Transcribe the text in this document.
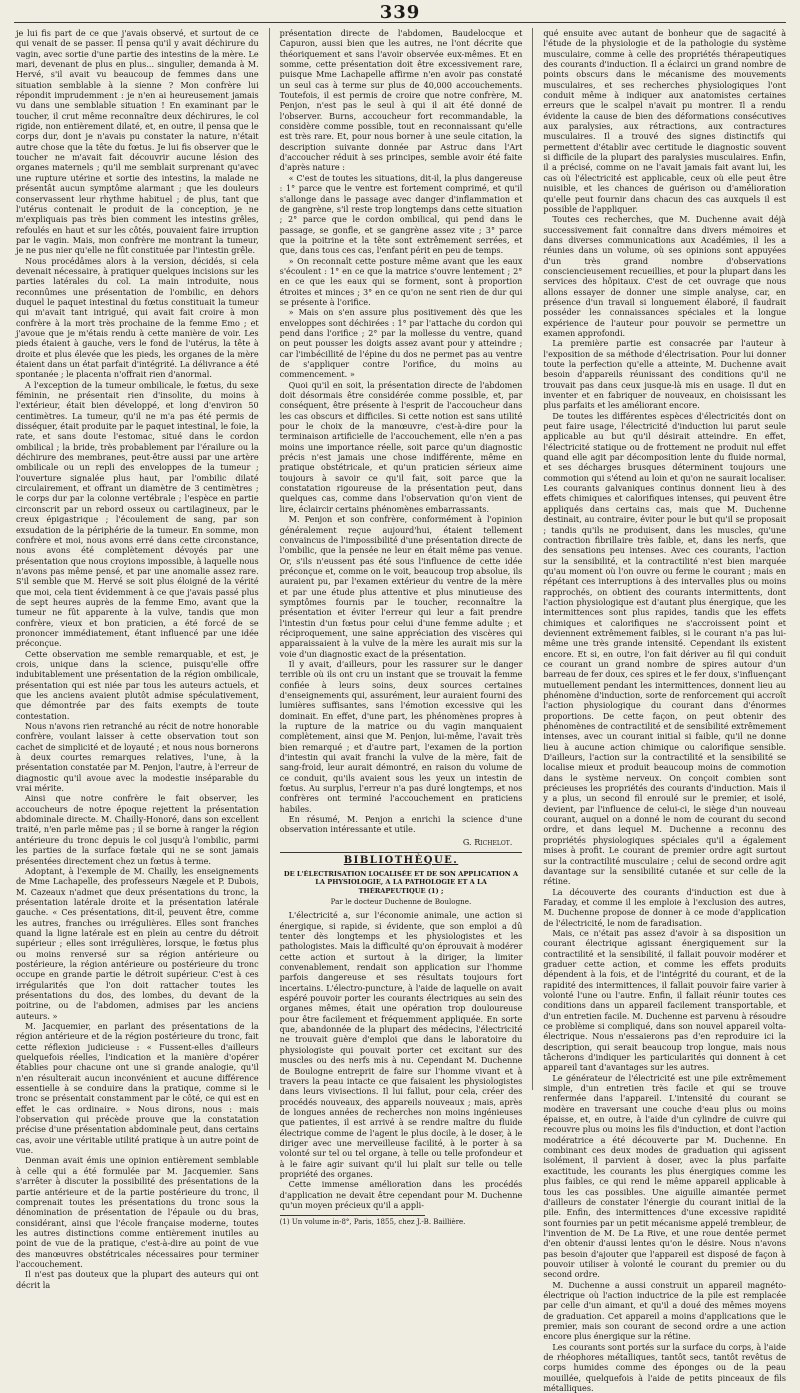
339

je lui fis part de ce que j'avais observé, et surtout de ce qui venait de se passer. Il pensa qu'il y avait déchirure du vagin, avec sortie d'une partie des intestins de la mère. Le mari, devenant de plus en plus... singulier, demanda à M. Hervé, s'il avait vu beaucoup de femmes dans une situation semblable à la sienne ? Mon confrère lui répondit imprudemment : je n'en ai heureusement jamais vu dans une semblable situation ! En examinant par le toucher, il crut même reconnaître deux déchirures, le col rigide, non entièrement dilaté, et, en outre, il pensa que le corps dur, dont je n'avais pu constater la nature, n'était autre chose que la tête du fœtus. Je lui fis observer que le toucher ne m'avait fait découvrir aucune lésion des organes maternels ; qu'il me semblait surprenant qu'avec une rupture utérine et sortie des intestins, la malade ne présentât aucun symptôme alarmant ; que les douleurs conservassent leur rhythme habituel ; de plus, tant que l'utérus contenait le produit de la conception, je ne m'expliquais pas très bien comment les intestins grêles, refoulés en haut et sur les côtés, pouvaient faire irruption par le vagin. Mais, mon confrère me montrant la tumeur, je ne pus nier qu'elle ne fût constituée par l'intestin grêle.

Nous procédâmes alors à la version, décidés, si cela devenait nécessaire, à pratiquer quelques incisions sur les parties latérales du col. La main introduite, nous reconnûmes une présentation de l'ombilic, en dehors duquel le paquet intestinal du fœtus constituait la tumeur qui m'avait tant intrigué, qui avait fait croire à mon confrère à la mort très prochaine de la femme Emo ; et j'avoue que je m'étais rendu à cette manière de voir. Les pieds étaient à gauche, vers le fond de l'utérus, la tête à droite et plus élevée que les pieds, les organes de la mère étaient dans un état parfait d'intégrité. La délivrance a été spontanée ; le placenta n'offrait rien d'anormal.

A l'exception de la tumeur ombilicale, le fœtus, du sexe féminin, ne présentait rien d'insolite, du moins à l'extérieur, était bien développé, et long d'environ 50 centimètres. La tumeur, qu'il ne m'a pas été permis de disséquer, était produite par le paquet intestinal, le foie, la rate, et sans doute l'estomac, situé dans le cordon ombilical ; la bride, très probablement par l'érailure ou la déchirure des membranes, peut-être aussi par une artère ombilicale ou un repli des enveloppes de la tumeur ; l'ouverture signalée plus haut, par l'ombilic dilaté circulairement, et offrant un diamètre de 3 centimètres ; le corps dur par la colonne vertébrale ; l'espèce en partie circonscrit par un rebord osseux ou cartilagineux, par le creux épigastrique ; l'écoulement de sang, par son exsudation de la périphérie de la tumeur. En somme, mon confrère et moi, nous avons erré dans cette circonstance, nous avons été complètement dévoyés par une présentation que nous croyions impossible, à laquelle nous n'avons pas même pensé, et par une anomalie assez rare. S'il semble que M. Hervé se soit plus éloigné de la vérité que moi, cela tient évidemment à ce que j'avais passé plus de sept heures auprès de la femme Emo, avant que la tumeur ne fût apparente à la vulve, tandis que mon confrère, vieux et bon praticien, a été forcé de se prononcer immédiatement, étant influencé par une idée préconçue.

Cette observation me semble remarquable, et est, je crois, unique dans la science, puisqu'elle offre indubitablement une présentation de la région ombilicale, présentation qui est niée par tous les auteurs actuels, et que les anciens avaient plutôt admise spéculativement, que démontrée par des faits exempts de toute contestation.

Nous n'avons rien retranché au récit de notre honorable confrère, voulant laisser à cette observation tout son cachet de simplicité et de loyauté ; et nous nous bornerons à deux courtes remarques relatives, l'une, à la présentation constatée par M. Penjon, l'autre, à l'erreur de diagnostic qu'il avoue avec la modestie inséparable du vrai mérite.

Ainsi que notre confrère le fait observer, les accoucheurs de notre époque rejettent la présentation abdominale directe. M. Chailly-Honoré, dans son excellent traité, n'en parle même pas ; il se borne à ranger la région antérieure du tronc depuis le col jusqu'à l'ombilic, parmi les parties de la surface fœtale qui ne se sont jamais présentées directement chez un fœtus à terme.

Adoptant, à l'exemple de M. Chailly, les enseignements de Mme Lachapelle, des professeurs Nægele et P. Dubois, M. Cazeaux n'admet que deux présentations du tronc, la présentation latérale droite et la présentation latérale gauche. « Ces présentations, dit-il, peuvent être, comme les autres, franches ou irrégulières. Elles sont franches quand la ligne latérale est en plein au centre du détroit supérieur ; elles sont irrégulières, lorsque, le fœtus plus ou moins renversé sur sa région antérieure ou postérieure, la région antérieure ou postérieure du tronc occupe en grande partie le détroit supérieur. C'est à ces irrégularités que l'on doit rattacher toutes les présentations du dos, des lombes, du devant de la poitrine, ou de l'abdomen, admises par les anciens auteurs. »

M. Jacquemier, en parlant des présentations de la région antérieure et de la région postérieure du tronc, fait cette réflexion judicieuse : « Fussent-elles d'ailleurs quelquefois réelles, l'indication et la manière d'opérer établies pour chacune ont une si grande analogie, qu'il n'en résulterait aucun inconvénient et aucune différence essentielle à se conduire dans la pratique, comme si le tronc se présentait constamment par le côté, ce qui est en effet le cas ordinaire. » Nous dirons, nous : mais l'observation qui précède prouve que la constatation précise d'une présentation abdominale peut, dans certains cas, avoir une véritable utilité pratique à un autre point de vue.

Denman avait émis une opinion entièrement semblable à celle qui a été formulée par M. Jacquemier. Sans s'arrêter à discuter la possibilité des présentations de la partie antérieure et de la partie postérieure du tronc, il comprenait toutes les présentations du tronc sous la dénomination de présentation de l'épaule ou du bras, considérant, ainsi que l'école française moderne, toutes les autres distinctions comme entièrement inutiles au point de vue de la pratique, c'est-à-dire au point de vue des manœuvres obstétricales nécessaires pour terminer l'accouchement.

Il n'est pas douteux que la plupart des auteurs qui ont décrit la

présentation directe de l'abdomen, Baudelocque et Capuron, aussi bien que les autres, ne l'ont décrite que théoriquement et sans l'avoir observée eux-mêmes. Et en somme, cette présentation doit être excessivement rare, puisque Mme Lachapelle affirme n'en avoir pas constaté un seul cas à terme sur plus de 40,000 accouchements. Toutefois, il est permis de croire que notre confrère, M. Penjon, n'est pas le seul à qui il ait été donné de l'observer. Burns, accoucheur fort recommandable, la considère comme possible, tout en reconnaissant qu'elle est très rare. Et, pour nous borner à une seule citation, la description suivante donnée par Astruc dans l'Art d'accoucher réduit à ses principes, semble avoir été faite d'après nature :

« C'est de toutes les situations, dit-il, la plus dangereuse : 1° parce que le ventre est fortement comprimé, et qu'il s'allonge dans le passage avec danger d'inflammation et de gangrène, s'il reste trop longtemps dans cette situation ; 2° parce que le cordon ombilical, qui pend dans le passage, se gonfle, et se gangrène assez vite ; 3° parce que la poitrine et la tête sont extrêmement serrées, et que, dans tous ces cas, l'enfant périt en peu de temps.

» On reconnaît cette posture même avant que les eaux s'écoulent : 1° en ce que la matrice s'ouvre lentement ; 2° en ce que les eaux qui se forment, sont à proportion étroites et minces ; 3° en ce qu'on ne sent rien de dur qui se présente à l'orifice.

» Mais on s'en assure plus positivement dès que les enveloppes sont déchirées : 1° par l'attache du cordon qui pend dans l'orifice ; 2° par la mollesse du ventre, quand on peut pousser les doigts assez avant pour y atteindre ; car l'imbécillité de l'épine du dos ne permet pas au ventre de s'appliquer contre l'orifice, du moins au commencement. »

Quoi qu'il en soit, la présentation directe de l'abdomen doit désormais être considérée comme possible, et, par conséquent, être présente à l'esprit de l'accoucheur dans les cas obscurs et difficiles. Si cette notion est sans utilité pour le choix de la manœuvre, c'est-à-dire pour la terminaison artificielle de l'accouchement, elle n'en a pas moins une importance réelle, soit parce qu'un diagnostic précis n'est jamais une chose indifférente, même en pratique obstétricale, et qu'un praticien sérieux aime toujours à savoir ce qu'il fait, soit parce que la constatation rigoureuse de la présentation peut, dans quelques cas, comme dans l'observation qu'on vient de lire, éclaircir certains phénomènes embarrassants.

M. Penjon et son confrère, conformément à l'opinion généralement reçue aujourd'hui, étaient tellement convaincus de l'impossibilité d'une présentation directe de l'ombilic, que la pensée ne leur en était même pas venue. Or, s'ils n'eussent pas été sous l'influence de cette idée préconçue et, comme on le voit, beaucoup trop absolue, ils auraient pu, par l'examen extérieur du ventre de la mère et par une étude plus attentive et plus minutieuse des symptômes fournis par le toucher, reconnaître la présentation et éviter l'erreur qui leur a fait prendre l'intestin d'un fœtus pour celui d'une femme adulte ; et réciproquement, une saine appréciation des viscères qui apparaissaient à la vulve de la mère les aurait mis sur la voie d'un diagnostic exact de la présentation.

Il y avait, d'ailleurs, pour les rassurer sur le danger terrible où ils ont cru un instant que se trouvait la femme confiée à leurs soins, deux sources certaines d'enseignements qui, assurément, leur auraient fourni des lumières suffisantes, sans l'émotion excessive qui les dominait. En effet, d'une part, les phénomènes propres à la rupture de la matrice ou du vagin manquaient complètement, ainsi que M. Penjon, lui-même, l'avait très bien remarqué ; et d'autre part, l'examen de la portion d'intestin qui avait franchi la vulve de la mère, fait de sang-froid, leur aurait démontré, en raison du volume de ce conduit, qu'ils avaient sous les yeux un intestin de fœtus. Au surplus, l'erreur n'a pas duré longtemps, et nos confrères ont terminé l'accouchement en praticiens habiles.

En résumé, M. Penjon a enrichi la science d'une observation intéressante et utile.

G. Richelot.
BIBLIOTHÈQUE.
DE L'ÉLECTRISATION LOCALISÉE ET DE SON APPLICATION A LA PHYSIOLOGIE, A LA PATHOLOGIE ET A LA THÉRAPEUTIQUE (1) ;
Par le docteur Duchenne de Boulogne.

L'électricité a, sur l'économie animale, une action si énergique, si rapide, si évidente, que son emploi a dû tenter dès longtemps et les physiologistes et les pathologistes. Mais la difficulté qu'on éprouvait à modérer cette action et surtout à la diriger, la limiter convenablement, rendait son application sur l'homme parfois dangereuse et ses résultats toujours fort incertains. L'électro-puncture, à l'aide de laquelle on avait espéré pouvoir porter les courants électriques au sein des organes mêmes, était une opération trop douloureuse pour être facilement et fréquemment appliquée. En sorte que, abandonnée de la plupart des médecins, l'électricité ne trouvait guère d'emploi que dans le laboratoire du physiologiste qui pouvait porter cet excitant sur des muscles ou des nerfs mis à nu. Cependant M. Duchenne de Boulogne entreprit de faire sur l'homme vivant et à travers la peau intacte ce que faisaient les physiologistes dans leurs vivisections. Il lui fallut, pour cela, créer des procédés nouveaux, des appareils nouveaux ; mais, après de longues années de recherches non moins ingénieuses que patientes, il est arrivé à se rendre maître du fluide électrique comme de l'agent le plus docile, à le doser, à le diriger avec une merveilleuse facilité, à le porter à sa volonté sur tel ou tel organe, à telle ou telle profondeur et à le faire agir suivant qu'il lui plaît sur telle ou telle propriété des organes.

Cette immense amélioration dans les procédés d'application ne devait être cependant pour M. Duchenne qu'un moyen précieux qu'il a appli-

(1) Un volume in-8°, Paris, 1855, chez J.-B. Baillière.

qué ensuite avec autant de bonheur que de sagacité à l'étude de la physiologie et de la pathologie du système musculaire, comme à celle des propriétés thérapeutiques des courants d'induction. Il a éclairci un grand nombre de points obscurs dans le mécanisme des mouvements musculaires, et ses recherches physiologiques l'ont conduit même à indiquer aux anatomistes certaines erreurs que le scalpel n'avait pu montrer. Il a rendu évidente la cause de bien des déformations consécutives aux paralysies, aux rétractions, aux contractures musculaires. Il a trouvé des signes distinctifs qui permettent d'établir avec certitude le diagnostic souvent si difficile de la plupart des paralysies musculaires. Enfin, il a précisé, comme on ne l'avait jamais fait avant lui, les cas où l'électricité est applicable, ceux où elle peut être nuisible, et les chances de guérison ou d'amélioration qu'elle peut fournir dans chacun des cas auxquels il est possible de l'appliquer.

Toutes ces recherches, que M. Duchenne avait déjà successivement fait connaître dans divers mémoires et dans diverses communications aux Académies, il les a réunies dans un volume, où ses opinions sont appuyées d'un très grand nombre d'observations consciencieusement recueillies, et pour la plupart dans les services des hôpitaux. C'est de cet ouvrage que nous allons essayer de donner une simple analyse, car, en présence d'un travail si longuement élaboré, il faudrait posséder les connaissances spéciales et la longue expérience de l'auteur pour pouvoir se permettre un examen approfondi.

La première partie est consacrée par l'auteur à l'exposition de sa méthode d'électrisation. Pour lui donner toute la perfection qu'elle a atteinte, M. Duchenne avait besoin d'appareils réunissant des conditions qu'il ne trouvait pas dans ceux jusque-là mis en usage. Il dut en inventer et en fabriquer de nouveaux, en choisissant les plus parfaits et les améliorant encore.

De toutes les différentes espèces d'électricités dont on peut faire usage, l'électricité d'induction lui parut seule applicable au but qu'il désirait atteindre. En effet, l'électricité statique ou de frottement ne produit nul effet quand elle agit par décomposition lente du fluide normal, et ses décharges brusques déterminent toujours une commotion qui s'étend au loin et qu'on ne saurait localiser. Les courants galvaniques continus donnent lieu à des effets chimiques et calorifiques intenses, qui peuvent être appliqués dans certains cas, mais que M. Duchenne destinait, au contraire, éviter pour le but qu'il se proposait ; tandis qu'ils ne produisent, dans les muscles, qu'une contraction fibrillaire très faible, et, dans les nerfs, que des sensations peu intenses. Avec ces courants, l'action sur la sensibilité, et la contractilité n'est bien marquée qu'au moment où l'on ouvre ou ferme le courant ; mais en répétant ces interruptions à des intervalles plus ou moins rapprochés, on obtient des courants intermittents, dont l'action physiologique est d'autant plus énergique, que les intermittences sont plus rapides, tandis que les effets chimiques et calorifiques ne s'accroissent point et deviennent extrêmement faibles, si le courant n'a pas lui-même une très grande intensité. Cependant ils existent encore. Et si, en outre, l'on fait dériver au fil qui conduit ce courant un grand nombre de spires autour d'un barreau de fer doux, ces spires et le fer doux, s'influençant mutuellement pendant les intermittences, donnent lieu au phénomène d'induction, sorte de renforcement qui accroît l'action physiologique du courant dans d'énormes proportions. De cette façon, on peut obtenir des phénomènes de contractilité et de sensibilité extrêmement intenses, avec un courant initial si faible, qu'il ne donne lieu à aucune action chimique ou calorifique sensible. D'ailleurs, l'action sur la contractilité et la sensibilité se localise mieux et produit beaucoup moins de commotion dans le système nerveux. On conçoit combien sont précieuses les propriétés des courants d'induction. Mais il y a plus, un second fil enroulé sur le premier, et isolé, devient, par l'influence de celui-ci, le siège d'un nouveau courant, auquel on a donné le nom de courant du second ordre, et dans lequel M. Duchenne a reconnu des propriétés physiologiques spéciales qu'il a également mises à profit. Le courant de premier ordre agit surtout sur la contractilité musculaire ; celui de second ordre agit davantage sur la sensibilité cutanée et sur celle de la rétine.

La découverte des courants d'induction est due à Faraday, et comme il les emploie à l'exclusion des autres, M. Duchenne propose de donner à ce mode d'application de l'électricité, le nom de faradisation.

Mais, ce n'était pas assez d'avoir à sa disposition un courant électrique agissant énergiquement sur la contractilité et la sensibilité, il fallait pouvoir modérer et graduer cette action, et comme les effets produits dépendent à la fois, et de l'intégrité du courant, et de la rapidité des intermittences, il fallait pouvoir faire varier à volonté l'une ou l'autre. Enfin, il fallait réunir toutes ces conditions dans un appareil facilement transportable, et d'un entretien facile. M. Duchenne est parvenu à résoudre ce problème si compliqué, dans son nouvel appareil volta-électrique. Nous n'essaierons pas d'en reproduire ici la description, qui serait beaucoup trop longue, mais nous tâcherons d'indiquer les particularités qui donnent à cet appareil tant d'avantages sur les autres.

Le générateur de l'électricité est une pile extrêmement simple, d'un entretien très facile et qui se trouve renfermée dans l'appareil. L'intensité du courant se modère en traversant une couche d'eau plus ou moins épaisse, et, en outre, à l'aide d'un cylindre de cuivre qui recouvre plus ou moins les fils d'induction, et dont l'action modératrice a été découverte par M. Duchenne. En combinant ces deux modes de graduation qui agissent isolément, il parvient à doser, avec la plus parfaite exactitude, les courants les plus énergiques comme les plus faibles, ce qui rend le même appareil applicable à tous les cas possibles. Une aiguille aimantée permet d'ailleurs de constater l'énergie du courant initial de la pile. Enfin, des intermittences d'une excessive rapidité sont fournies par un petit mécanisme appelé trembleur, de l'invention de M. De La Rive, et une roue dentée permet d'en obtenir d'aussi lentes qu'on le désire. Nous n'avons pas besoin d'ajouter que l'appareil est disposé de façon à pouvoir utiliser à volonté le courant du premier ou du second ordre.

M. Duchenne a aussi construit un appareil magnéto-électrique où l'action inductrice de la pile est remplacée par celle d'un aimant, et qu'il a doué des mêmes moyens de graduation. Cet appareil a moins d'applications que le premier, mais son courant de second ordre a une action encore plus énergique sur la rétine.

Les courants sont portés sur la surface du corps, à l'aide de rhéophores métalliques, tantôt secs, tantôt revêtus de corps humides comme des éponges ou de la peau mouillée, quelquefois à l'aide de petits pinceaux de fils métalliques.
